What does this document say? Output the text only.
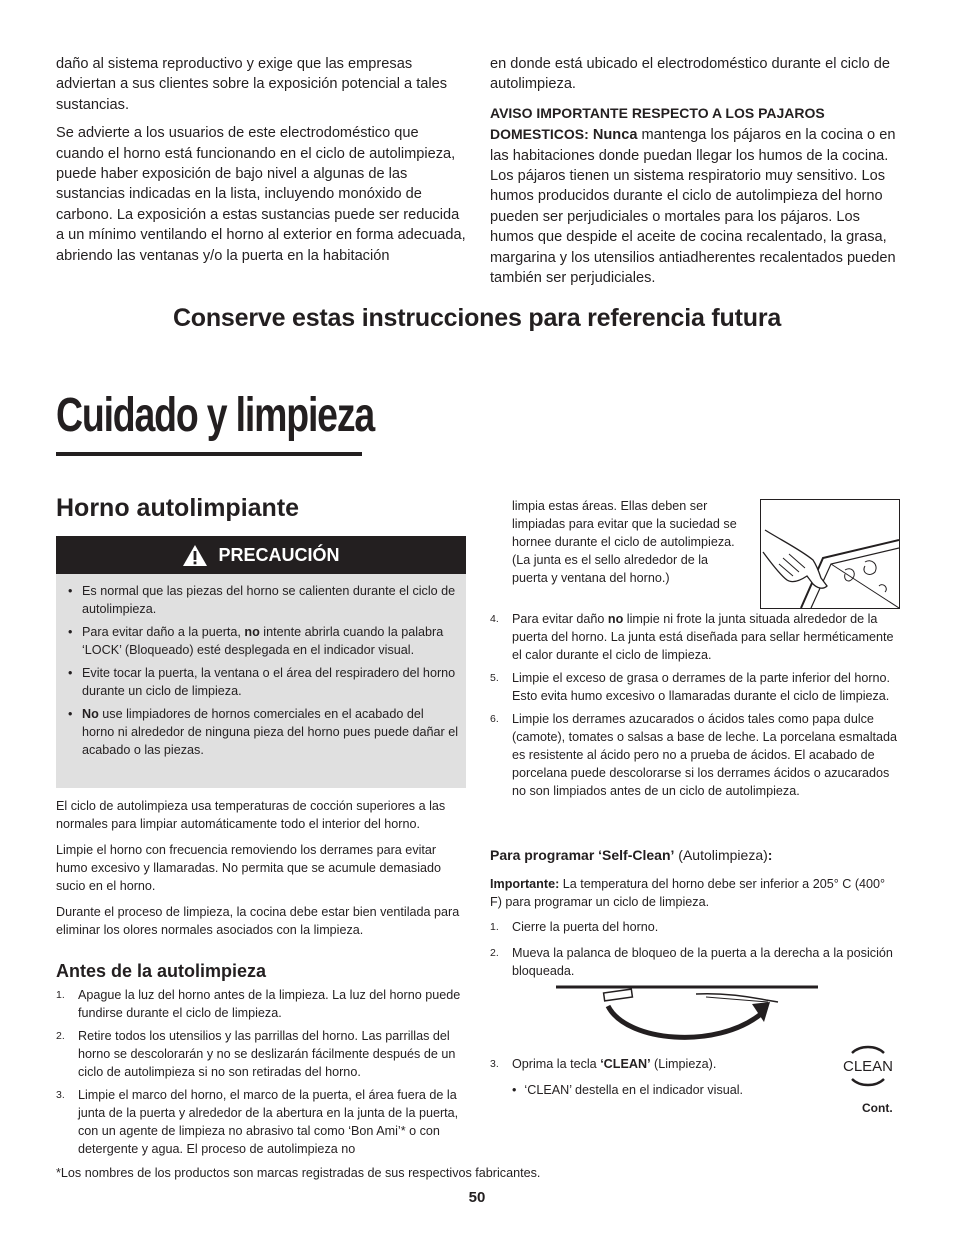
daño al sistema reproductivo y exige que las empresas adviertan a sus clientes sobre la exposición potencial a tales sustancias.

Se advierte a los usuarios de este electrodoméstico que cuando el horno está funcionando en el ciclo de autolimpieza, puede haber exposición de bajo nivel a algunas de las sustancias indicadas en la lista, incluyendo monóxido de carbono. La exposición a estas sustancias puede ser reducida a un mínimo ventilando el horno al exterior en forma adecuada, abriendo las ventanas y/o la puerta en la habitación

en donde está ubicado el electrodoméstico durante el ciclo de autolimpieza.

AVISO IMPORTANTE RESPECTO A LOS PAJAROS DOMESTICOS: Nunca mantenga los pájaros en la cocina o en las habitaciones donde puedan llegar los humos de la cocina. Los pájaros tienen un sistema respiratorio muy sensitivo. Los humos producidos durante el ciclo de autolimpieza del horno pueden ser perjudiciales o mortales para los pájaros. Los humos que despide el aceite de cocina recalentado, la grasa, margarina y los utensilios antiadherentes recalentados pueden también ser perjudiciales.

Conserve estas instrucciones para referencia futura
Cuidado y limpieza
Horno autolimpiante
PRECAUCIÓN
• Es normal que las piezas del horno se calienten durante el ciclo de autolimpieza.
• Para evitar daño a la puerta, no intente abrirla cuando la palabra ‘LOCK’ (Bloqueado) esté desplegada en el indicador visual.
• Evite tocar la puerta, la ventana o el área del respiradero del horno durante un ciclo de limpieza.
• No use limpiadores de hornos comerciales en el acabado del horno ni alrededor de ninguna pieza del horno pues puede dañar el acabado o las piezas.

El ciclo de autolimpieza usa temperaturas de cocción superiores a las normales para limpiar automáticamente todo el interior del horno.

Limpie el horno con frecuencia removiendo los derrames para evitar humo excesivo y llamaradas. No permita que se acumule demasiado sucio en el horno.

Durante el proceso de limpieza, la cocina debe estar bien ventilada para eliminar los olores normales asociados con la limpieza.

Antes de la autolimpieza
1. Apague la luz del horno antes de la limpieza. La luz del horno puede fundirse durante el ciclo de limpieza.
2. Retire todos los utensilios y las parrillas del horno. Las parrillas del horno se descolorarán y no se deslizarán fácilmente después de un ciclo de autolimpieza si no son retiradas del horno.
3. Limpie el marco del horno, el marco de la puerta, el área fuera de la junta de la puerta y alrededor de la abertura en la junta de la puerta, con un agente de limpieza no abrasivo tal como ‘Bon Ami’* o con detergente y agua. El proceso de autolimpieza no
limpia estas áreas. Ellas deben ser limpiadas para evitar que la suciedad se hornee durante el ciclo de autolimpieza. (La junta es el sello alrededor de la puerta y ventana del horno.)
4. Para evitar daño no limpie ni frote la junta situada alrededor de la puerta del horno. La junta está diseñada para sellar herméticamente el calor durante el ciclo de limpieza.
5. Limpie el exceso de grasa o derrames de la parte inferior del horno. Esto evita humo excesivo o llamaradas durante el ciclo de limpieza.
6. Limpie los derrames azucarados o ácidos tales como papa dulce (camote), tomates o salsas a base de leche. La porcelana esmaltada es resistente al ácido pero no a prueba de ácidos. El acabado de porcelana puede descolorarse si los derrames ácidos o azucarados no son limpiados antes de un ciclo de autolimpieza.
Para programar ‘Self-Clean’ (Autolimpieza):
Importante: La temperatura del horno debe ser inferior a 205° C (400° F) para programar un ciclo de limpieza.
1. Cierre la puerta del horno.
2. Mueva la palanca de bloqueo de la puerta a la derecha a la posición bloqueada.
3. Oprima la tecla ‘CLEAN’ (Limpieza).
• ‘CLEAN’ destella en el indicador visual.
CLEAN
Cont.
*Los nombres de los productos son marcas registradas de sus respectivos fabricantes.
50
